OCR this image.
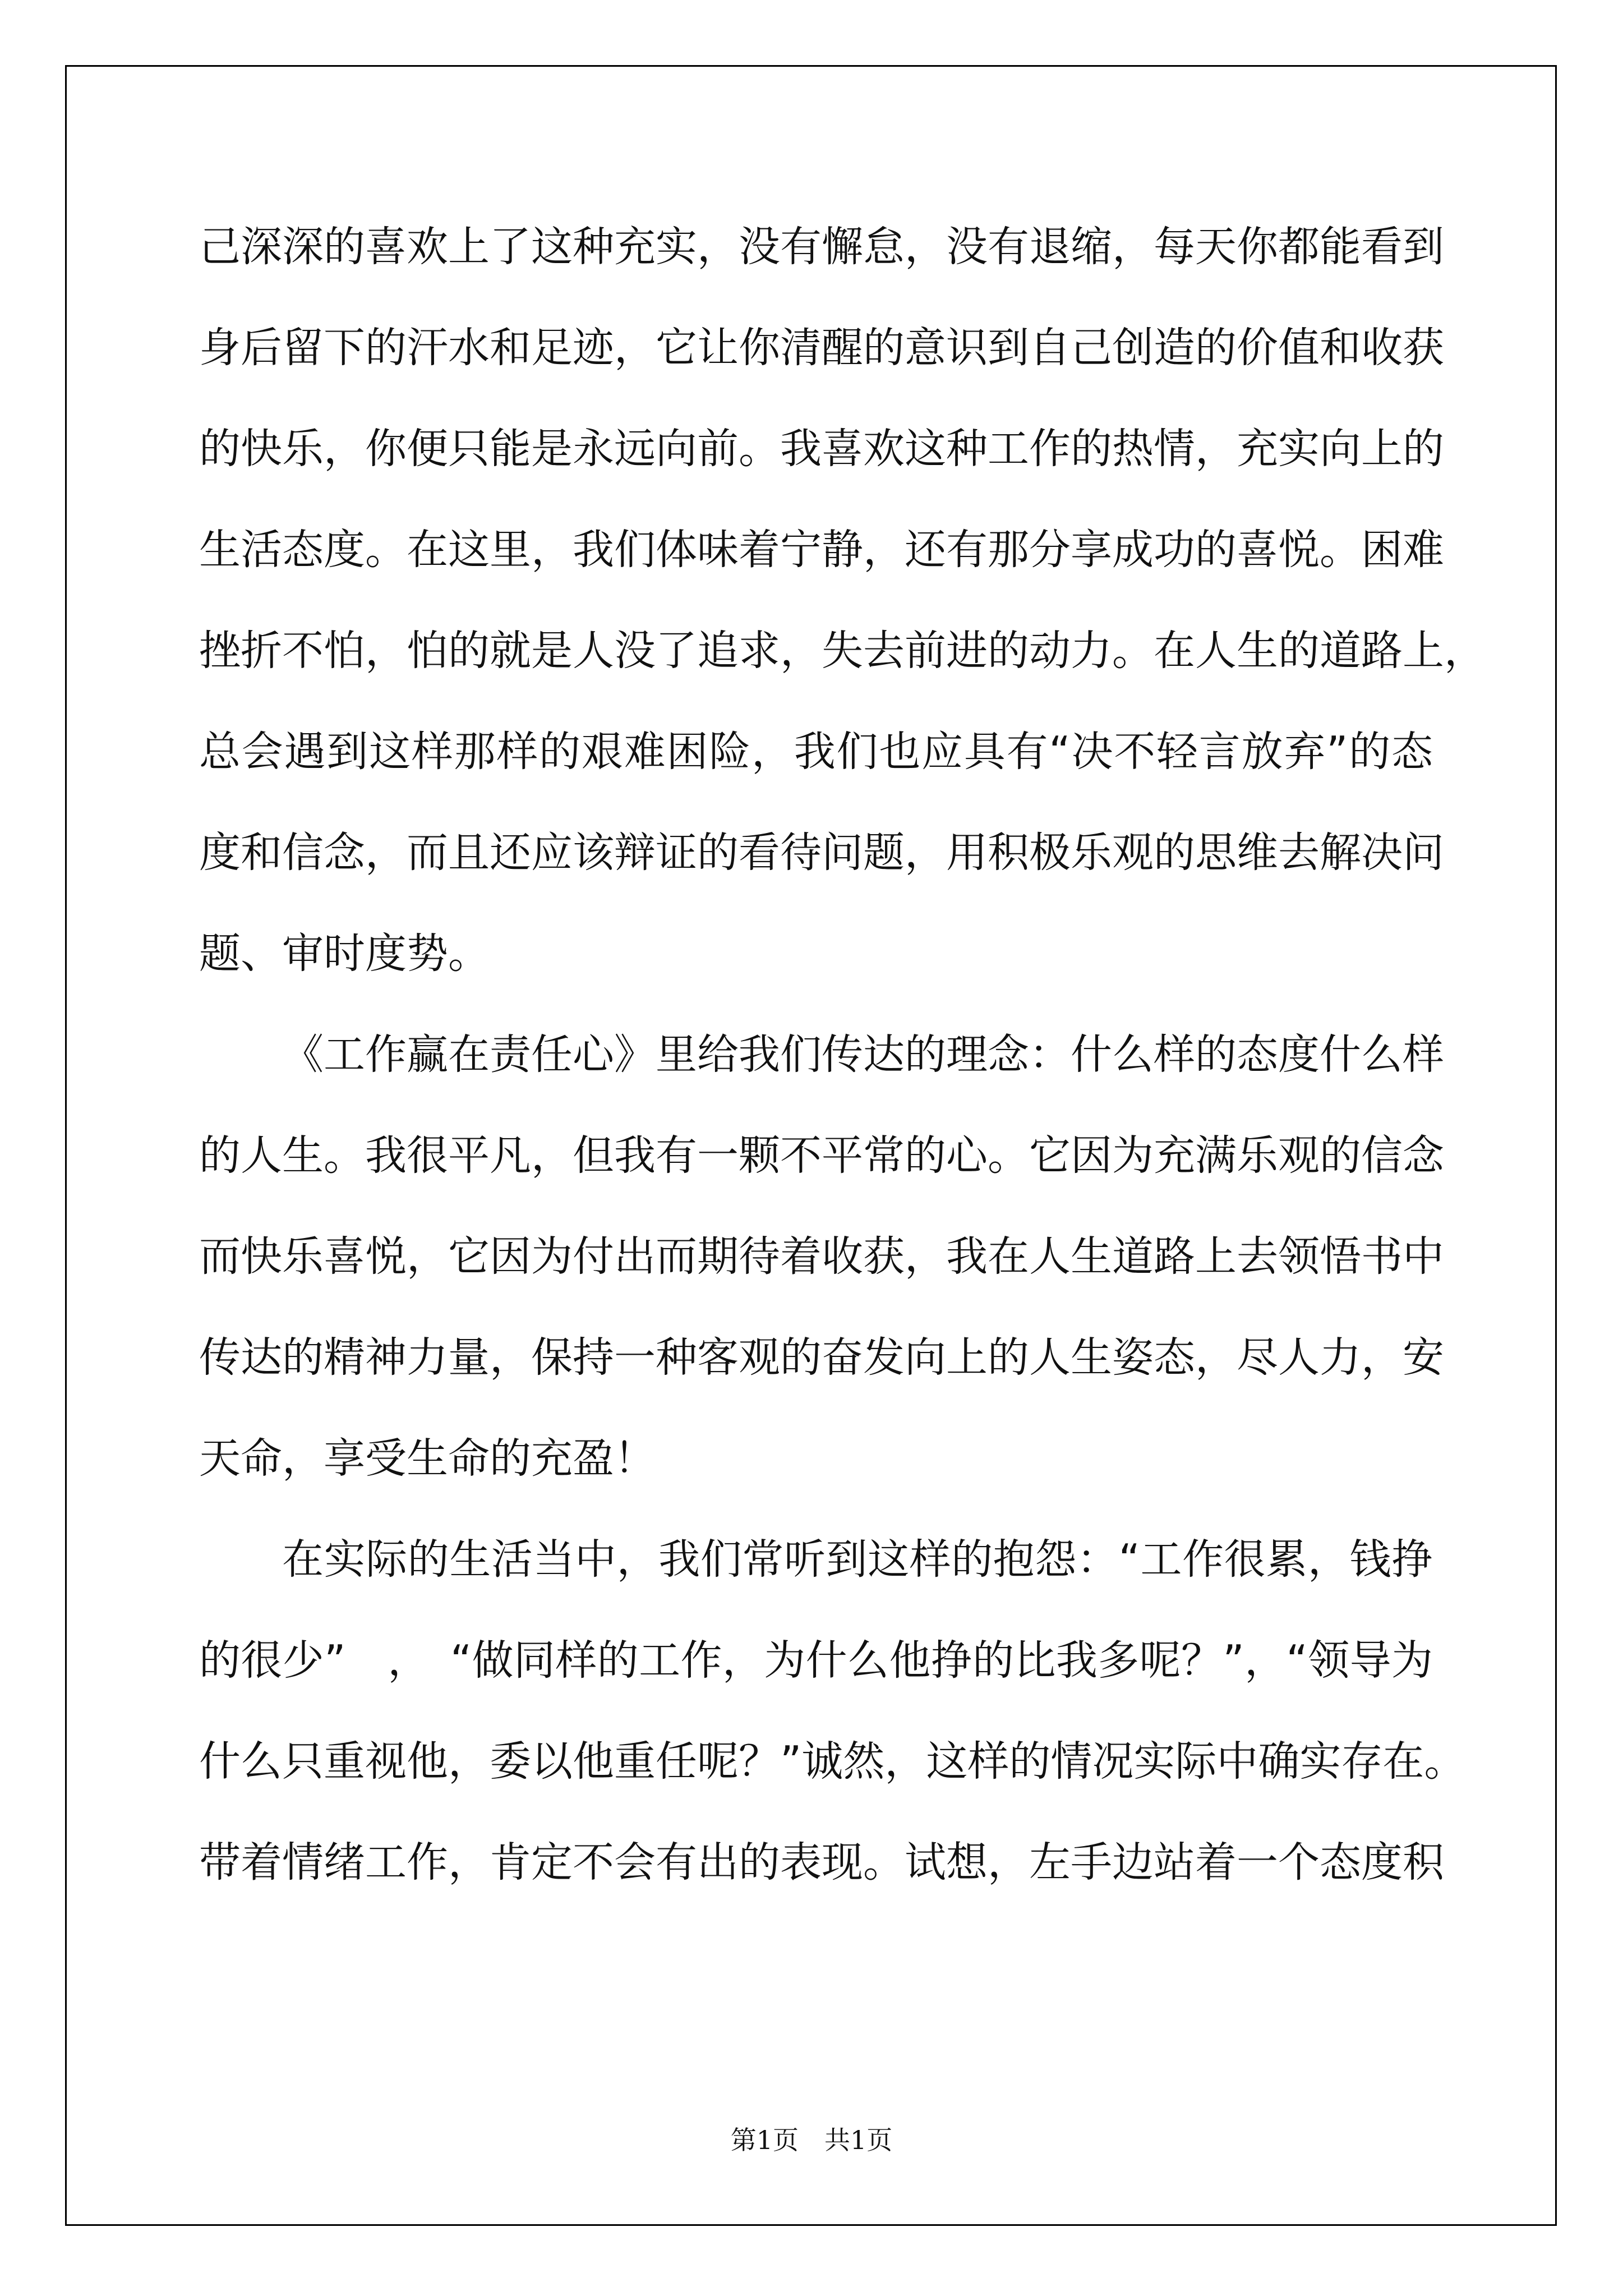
己深深的喜欢上了这种充实，没有懈怠，没有退缩，每天你都能看到
身后留下的汗水和足迹，它让你清醒的意识到自己创造的价值和收获
的快乐，你便只能是永远向前。我喜欢这种工作的热情，充实向上的
生活态度。在这里，我们体味着宁静，还有那分享成功的喜悦。困难
挫折不怕，怕的就是人没了追求，失去前进的动力。在人生的道路上，
总会遇到这样那样的艰难困险，我们也应具有“决不轻言放弃”的态
度和信念，而且还应该辩证的看待问题，用积极乐观的思维去解决问
题、审时度势。
《工作赢在责任心》里给我们传达的理念：什么样的态度什么样
的人生。我很平凡，但我有一颗不平常的心。它因为充满乐观的信念
而快乐喜悦，它因为付出而期待着收获，我在人生道路上去领悟书中
传达的精神力量，保持一种客观的奋发向上的人生姿态，尽人力，安
天命，享受生命的充盈！
在实际的生活当中，我们常听到这样的抱怨：“工作很累，钱挣
的很少”　，　“做同样的工作，为什么他挣的比我多呢？”，“领导为
什么只重视他，委以他重任呢？”诚然，这样的情况实际中确实存在。
带着情绪工作，肯定不会有出的表现。试想，左手边站着一个态度积
第1页　共1页
